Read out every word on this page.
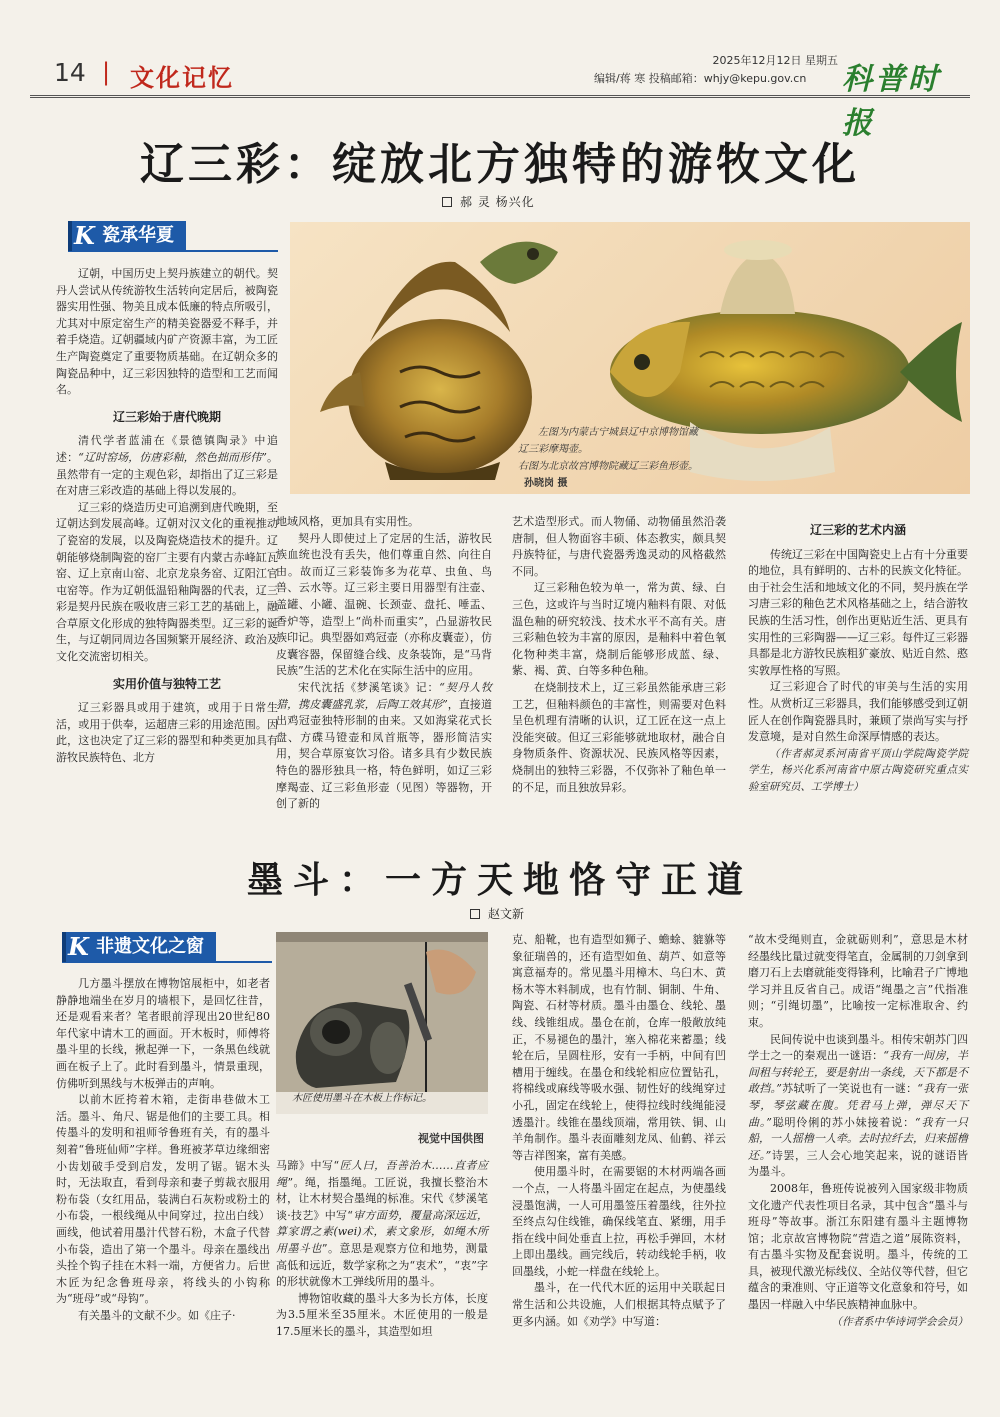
14 | 文化记忆
2025年12月12日 星期五
编辑/蒋 寒 投稿邮箱：whjy@kepu.gov.cn	科普时报
辽三彩：绽放北方独特的游牧文化
郝 灵 杨兴化
K 瓷承华夏
左图为内蒙古宁城县辽中京博物馆藏辽三彩摩羯壶。
右图为北京故宫博物院藏辽三彩鱼形壶。 孙晓岗 摄

辽朝，中国历史上契丹族建立的朝代。契丹人尝试从传统游牧生活转向定居后，被陶瓷器实用性强、物美且成本低廉的特点所吸引，尤其对中原定窑生产的精美瓷器爱不释手，并着手烧造。辽朝疆域内矿产资源丰富，为工匠生产陶瓷奠定了重要物质基础。在辽朝众多的陶瓷品种中，辽三彩因独特的造型和工艺而闻名。

辽三彩始于唐代晚期

清代学者蓝浦在《景德镇陶录》中追述：“辽时窑场，仿唐彩釉，然色拙而形伟”。虽然带有一定的主观色彩，却指出了辽三彩是在对唐三彩改造的基础上得以发展的。

辽三彩的烧造历史可追溯到唐代晚期，至辽朝达到发展高峰。辽朝对汉文化的重视推动了瓷窑的发展，以及陶瓷烧造技术的提升。辽朝能够烧制陶瓷的窑厂主要有内蒙古赤峰缸瓦窑、辽上京南山窑、北京龙泉务窑、辽阳江官屯窑等。作为辽朝低温铅釉陶器的代表，辽三彩是契丹民族在吸收唐三彩工艺的基础上，融合草原文化形成的独特陶器类型。辽三彩的诞生，与辽朝同周边各国频繁开展经济、政治及文化交流密切相关。

实用价值与独特工艺

辽三彩器具或用于建筑，或用于日常生活，或用于供奉，运超唐三彩的用途范围。因此，这也决定了辽三彩的器型和种类更加具有游牧民族特色、北方

地域风格，更加具有实用性。

契丹人即使过上了定居的生活，游牧民族血统也没有丢失，他们尊重自然、向往自由。故而辽三彩装饰多为花草、虫鱼、鸟兽、云水等。辽三彩主要日用器型有注壶、盖罐、小罐、温碗、长颈壶、盘托、唾盂、香炉等，造型上“尚朴而重实”，凸显游牧民族印记。典型器如鸡冠壶（亦称皮囊壶），仿皮囊容器，保留缝合线、皮条装饰，是“马背民族”生活的艺术化在实际生活中的应用。

宋代沈括《梦溪笔谈》记：“契丹人牧猎，携皮囊盛乳浆，后陶工效其形”，直接道出鸡冠壶独特形制的由来。又如海棠花式长盘、方碟马镫壶和凤首瓶等，器形简洁实用，契合草原宴饮习俗。诸多具有少数民族特色的器形独具一格，特色鲜明，如辽三彩摩羯壶、辽三彩鱼形壶（见图）等器物，开创了新的

艺术造型形式。而人物俑、动物俑虽然沿袭唐制，但人物面容丰硕、体态教实，颇具契丹族特征，与唐代瓷器秀逸灵动的风格截然不同。

辽三彩釉色较为单一，常为黄、绿、白三色，这或许与当时辽境内釉料有限、对低温色釉的研究较浅、技术水平不高有关。唐三彩釉色较为丰富的原因，是釉料中着色氧化物种类丰富，烧制后能够形成蓝、绿、紫、褐、黄、白等多种色釉。

在烧制技术上，辽三彩虽然能承唐三彩工艺，但釉料颜色的丰富性，则需要对色料呈色机理有清晰的认识，辽工匠在这一点上没能突破。但辽三彩能够就地取材，融合自身物质条件、资源状况、民族风格等因素，烧制出的独特三彩器，不仅弥补了釉色单一的不足，而且独放异彩。

辽三彩的艺术内涵

传统辽三彩在中国陶瓷史上占有十分重要的地位，具有鲜明的、古朴的民族文化特征。由于社会生活和地域文化的不同，契丹族在学习唐三彩的釉色艺术风格基础之上，结合游牧民族的生活习性，创作出更贴近生活、更具有实用性的三彩陶器——辽三彩。每件辽三彩器具都是北方游牧民族粗犷豪放、贴近自然、憨实敦厚性格的写照。

辽三彩迎合了时代的审美与生活的实用性。从赏析辽三彩器具，我们能够感受到辽朝匠人在创作陶瓷器具时，兼顾了崇尚写实与抒发意境，是对自然生命深厚情感的表达。

（作者郝灵系河南省平顶山学院陶瓷学院学生，杨兴化系河南省中原古陶瓷研究重点实验室研究员、工学博士）

墨斗：一方天地恪守正道
赵文新
K 非遗文化之窗
木匠使用墨斗在木板上作标记。
视觉中国供图

几方墨斗摆放在博物馆展柜中，如老者静静地端坐在岁月的墙根下，是回忆往昔，还是观看来者？笔者眼前浮现出20世纪80年代家中请木工的画面。开木板时，师傅将墨斗里的长线，揪起弹一下，一条黑色线就画在板子上了。此时看到墨斗，情景重现，仿佛听到黑线与木板弹击的声响。

以前木匠挎着木箱，走街串巷做木工活。墨斗、角尺、锯是他们的主要工具。相传墨斗的发明和祖师爷鲁班有关，有的墨斗刻着“鲁班仙师”字样。鲁班被茅草边缘细密小齿划破手受到启发，发明了锯。锯木头时，无法取直，看到母亲和妻子剪裁衣服用粉布袋（女红用品，装满白石灰粉或粉土的小布袋，一根线绳从中间穿过，拉出白线）画线，他试着用墨汁代替石粉，木盒子代替小布袋，造出了第一个墨斗。母亲在墨线出头拴个钩子挂在木料一端，方便省力。后世木匠为纪念鲁班母亲，将线头的小钩称为“班母”或“母钩”。

有关墨斗的文献不少。如《庄子·

马蹄》中写“匠人曰，吾善治木……直者应绳”。绳，指墨绳。工匠说，我擅长整治木材，让木材契合墨绳的标准。宋代《梦溪笔谈·技艺》中写“审方面势，覆量高深远近，算家谓之素(wei)术，素文象形，如绳木所用墨斗也”。意思是观察方位和地势，测量高低和远近，数学家称之为“衷术”，“衷”字的形状就像木工弹线所用的墨斗。

博物馆收藏的墨斗大多为长方体，长度为3.5厘米至35厘米。木匠使用的一般是17.5厘米长的墨斗，其造型如坦

克、船靴，也有造型如狮子、蟾蜍、貔貅等象征瑞兽的，还有造型如鱼、葫芦、如意等寓意福寿的。常见墨斗用樟木、乌臼木、黄杨木等木料制成，也有竹制、铜制、牛角、陶瓷、石材等材质。墨斗由墨仓、线轮、墨线、线锥组成。墨仓在前，仓库一般敞放纯正，不易褪色的墨汁，塞入棉花来蓄墨；线轮在后，呈圆柱形，安有一手柄，中间有凹槽用于缠线。在墨仓和线轮相应位置钻孔，将棉线或麻线等吸水强、韧性好的线绳穿过小孔，固定在线轮上，使得拉线时线绳能浸透墨汁。线锥在墨线顶端，常用铁、铜、山羊角制作。墨斗表面雕刻龙凤、仙鹤、祥云等吉祥图案，富有美感。

使用墨斗时，在需要锯的木材两端各画一个点，一人将墨斗固定在起点，为使墨线浸墨饱满，一人可用墨签压着墨线，往外拉至终点勾住线锥，确保线笔直、紧绷，用手指在线中间处垂直上拉，再松手弹回，木材上即出墨线。画完线后，转动线轮手柄，收回墨线，小蛇一样盘在线轮上。

墨斗，在一代代木匠的运用中关联起日常生活和公共设施，人们根据其特点赋予了更多内涵。如《劝学》中写道：

“故木受绳则直，金就砺则利”，意思是木材经墨线比量过就变得笔直，金属制的刀剑拿到磨刀石上去磨就能变得锋利，比喻君子广博地学习并且反省自己。成语“绳墨之言”代指准则；“引绳切墨”，比喻按一定标准取舍、约束。

民间传说中也谈到墨斗。相传宋朝苏门四学士之一的秦观出一谜语：“我有一间房，半间租与转轮王，要是射出一条线，天下都是不敢挡。”苏轼听了一笑说也有一谜：“我有一张琴，琴弦藏在腹。凭君马上弹，弹尽天下曲。”聪明伶俐的苏小妹接着说：“我有一只船，一人摇橹一人牵。去时拉纤去，归来摇橹还。”诗罢，三人会心地笑起来，说的谜语皆为墨斗。

2008年，鲁班传说被列入国家级非物质文化遗产代表性项目名录，其中包含“墨斗与班母”等故事。浙江东阳建有墨斗主题博物馆；北京故宫博物院“营造之道”展陈资料，有古墨斗实物及配套说明。墨斗，传统的工具，被现代激光标线仪、全站仪等代替，但它蕴含的秉准则、守正道等文化意象和符号，如墨因一样融入中华民族精神血脉中。

（作者系中华诗词学会会员）
